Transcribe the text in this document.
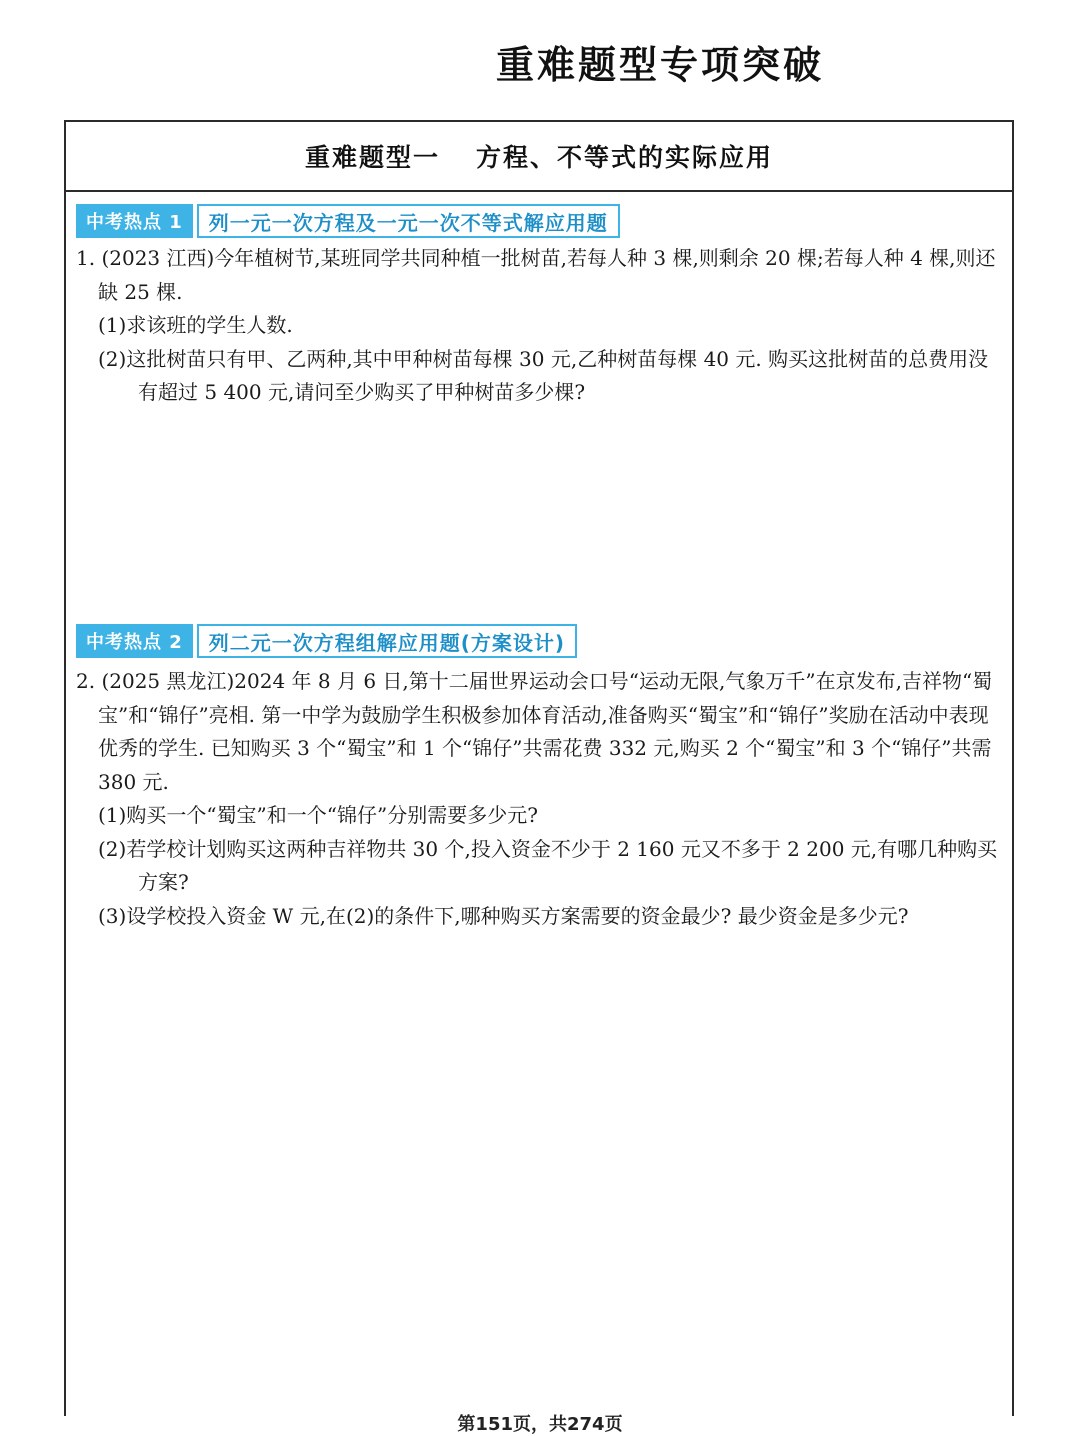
重难题型专项突破
重难题型一 方程、不等式的实际应用
中考热点 1	列一元一次方程及一元一次不等式解应用题
1. (2023 江西)今年植树节,某班同学共同种植一批树苗,若每人种 3 棵,则剩余 20 棵;若每人种 4 棵,则还缺 25 棵.
(1)求该班的学生人数.
(2)这批树苗只有甲、乙两种,其中甲种树苗每棵 30 元,乙种树苗每棵 40 元. 购买这批树苗的总费用没有超过 5 400 元,请问至少购买了甲种树苗多少棵?
中考热点 2	列二元一次方程组解应用题(方案设计)
2. (2025 黑龙江)2024 年 8 月 6 日,第十二届世界运动会口号“运动无限,气象万千”在京发布,吉祥物“蜀宝”和“锦仔”亮相. 第一中学为鼓励学生积极参加体育活动,准备购买“蜀宝”和“锦仔”奖励在活动中表现优秀的学生. 已知购买 3 个“蜀宝”和 1 个“锦仔”共需花费 332 元,购买 2 个“蜀宝”和 3 个“锦仔”共需 380 元.
(1)购买一个“蜀宝”和一个“锦仔”分别需要多少元?
(2)若学校计划购买这两种吉祥物共 30 个,投入资金不少于 2 160 元又不多于 2 200 元,有哪几种购买方案?
(3)设学校投入资金 W 元,在(2)的条件下,哪种购买方案需要的资金最少? 最少资金是多少元?
第151页，共274页
